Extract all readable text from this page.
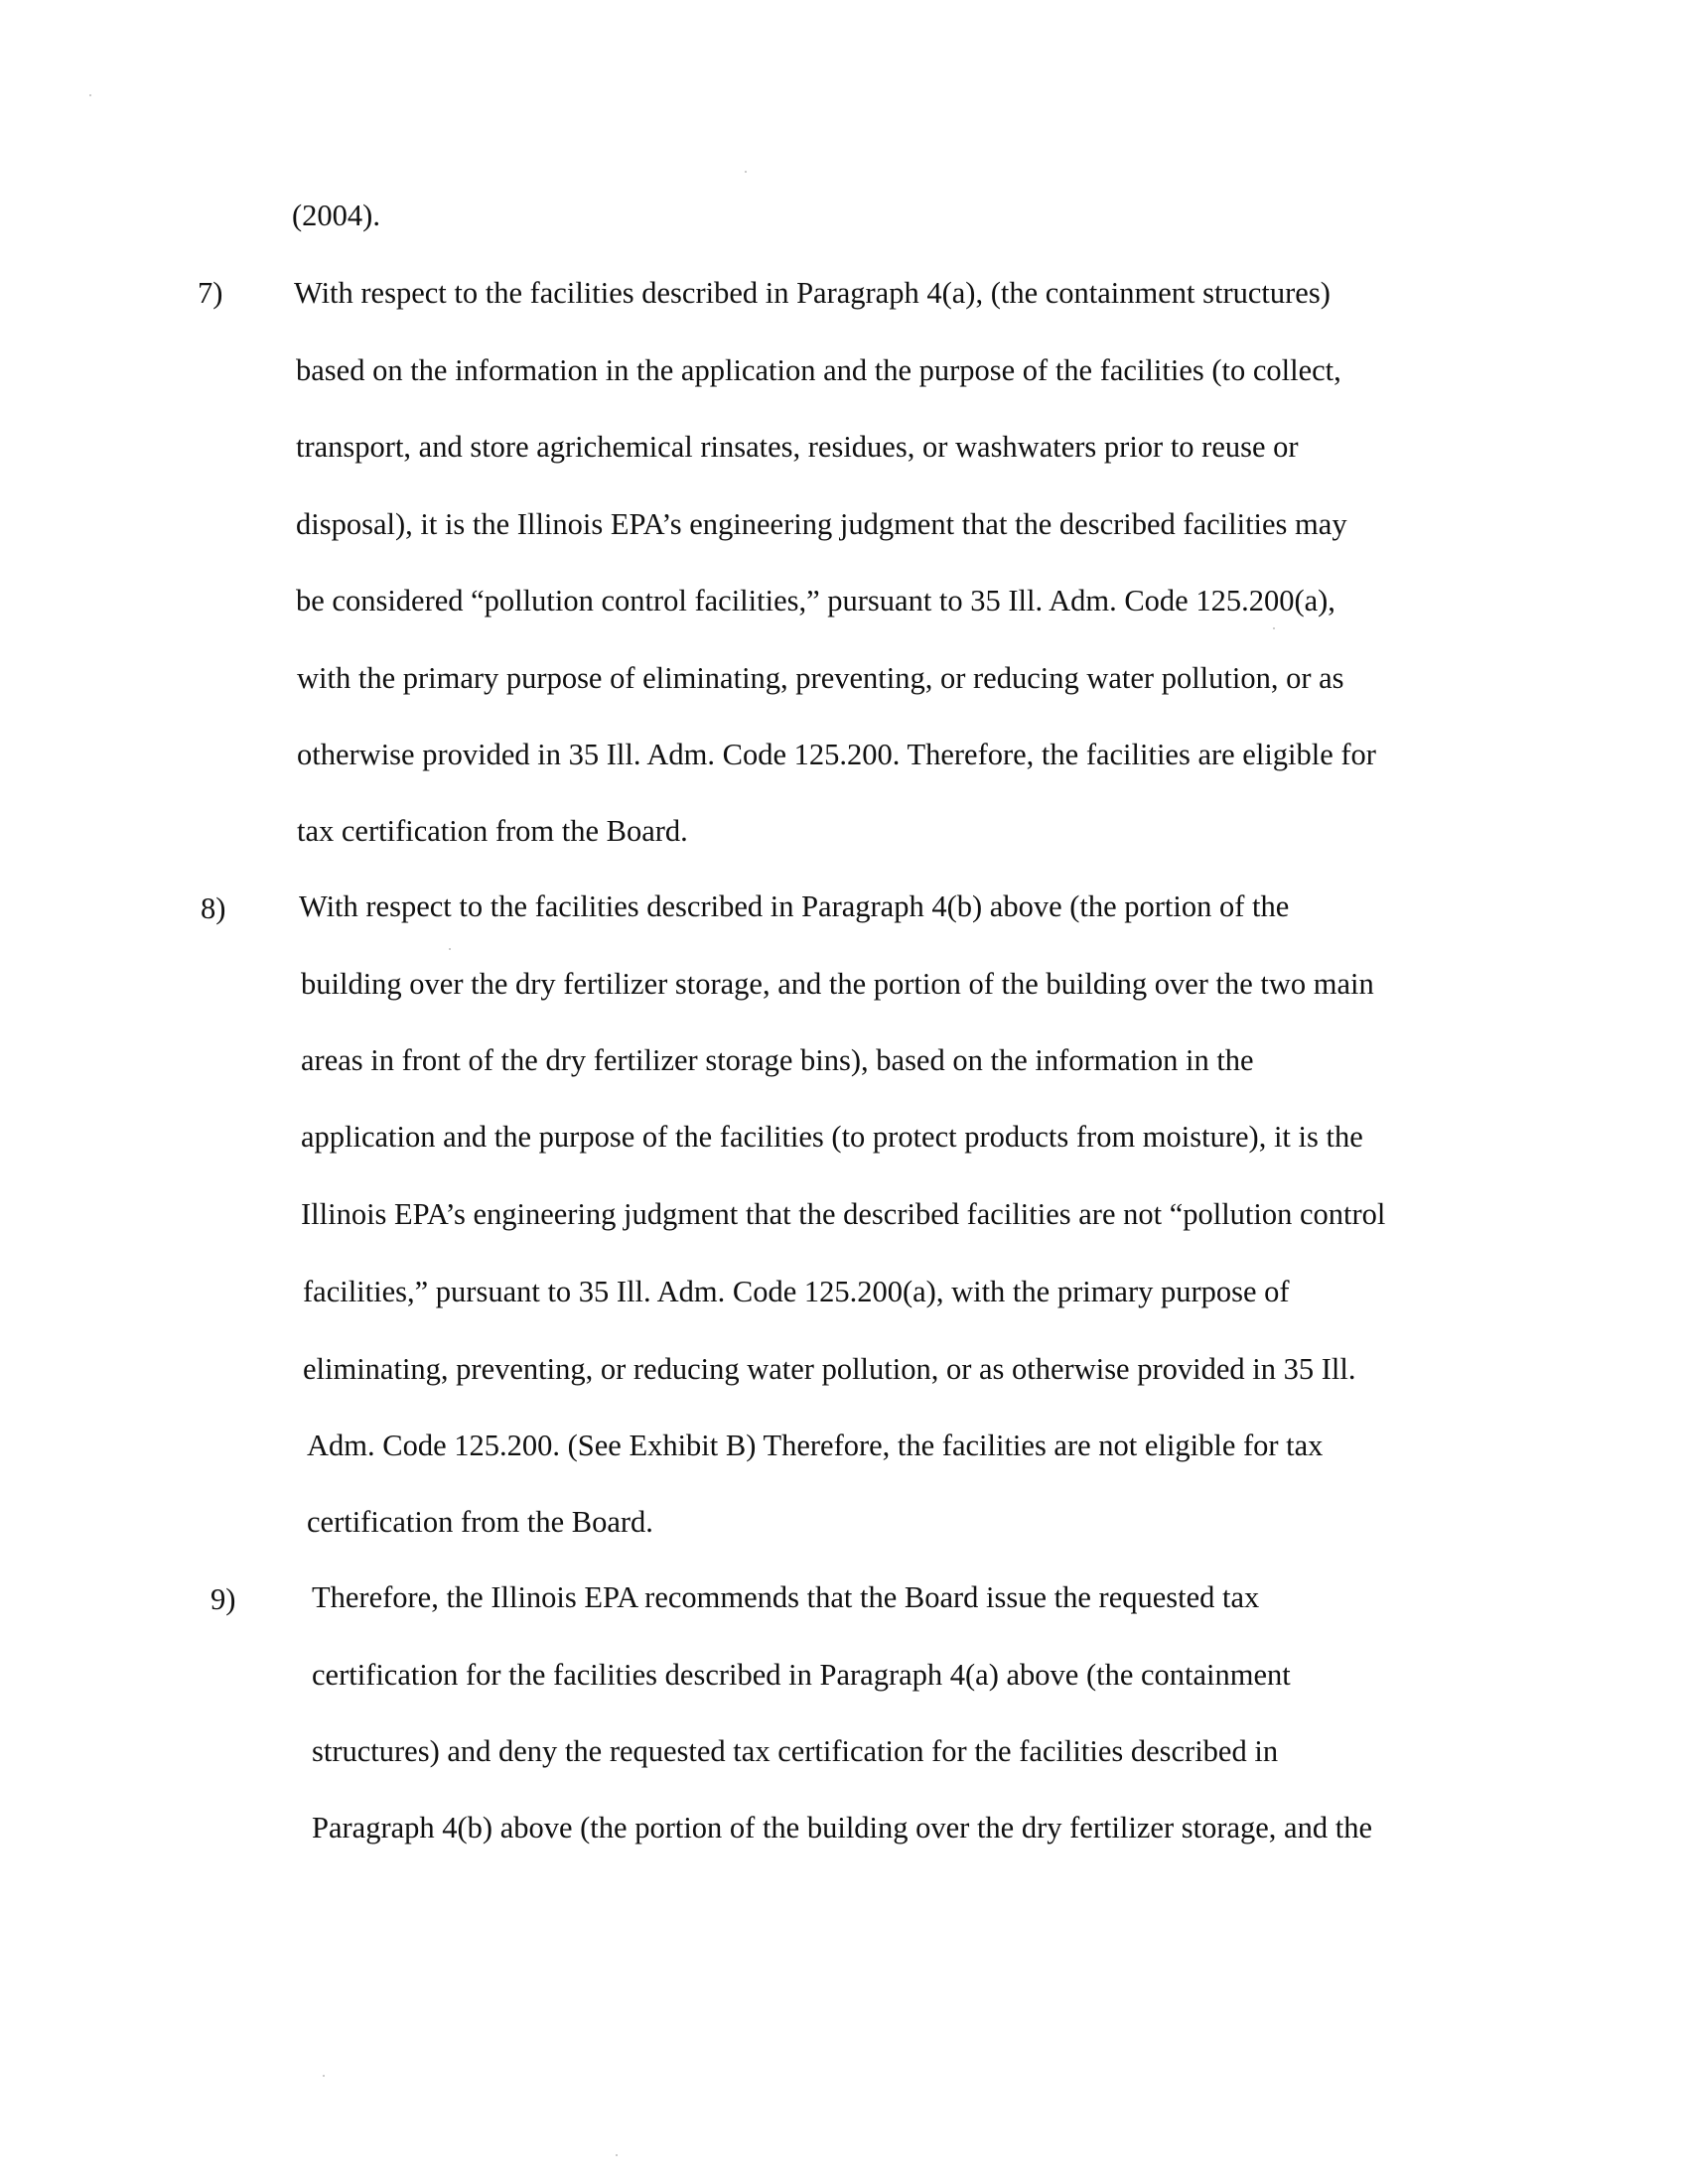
(2004).
7) With respect to the facilities described in Paragraph 4(a), (the containment structures)
based on the information in the application and the purpose of the facilities (to collect,
transport, and store agrichemical rinsates, residues, or washwaters prior to reuse or
disposal), it is the Illinois EPA’s engineering judgment that the described facilities may
be considered “pollution control facilities,” pursuant to 35 Ill. Adm. Code 125.200(a),
with the primary purpose of eliminating, preventing, or reducing water pollution, or as
otherwise provided in 35 Ill. Adm. Code 125.200. Therefore, the facilities are eligible for
tax certification from the Board.
8) With respect to the facilities described in Paragraph 4(b) above (the portion of the
building over the dry fertilizer storage, and the portion of the building over the two main
areas in front of the dry fertilizer storage bins), based on the information in the
application and the purpose of the facilities (to protect products from moisture), it is the
Illinois EPA’s engineering judgment that the described facilities are not “pollution control
facilities,” pursuant to 35 Ill. Adm. Code 125.200(a), with the primary purpose of
eliminating, preventing, or reducing water pollution, or as otherwise provided in 35 Ill.
Adm. Code 125.200. (See Exhibit B) Therefore, the facilities are not eligible for tax
certification from the Board.
9)	Therefore, the Illinois EPA recommends that the Board issue the requested tax
certification for the facilities described in Paragraph 4(a) above (the containment
structures) and deny the requested tax certification for the facilities described in
Paragraph 4(b) above (the portion of the building over the dry fertilizer storage, and the
